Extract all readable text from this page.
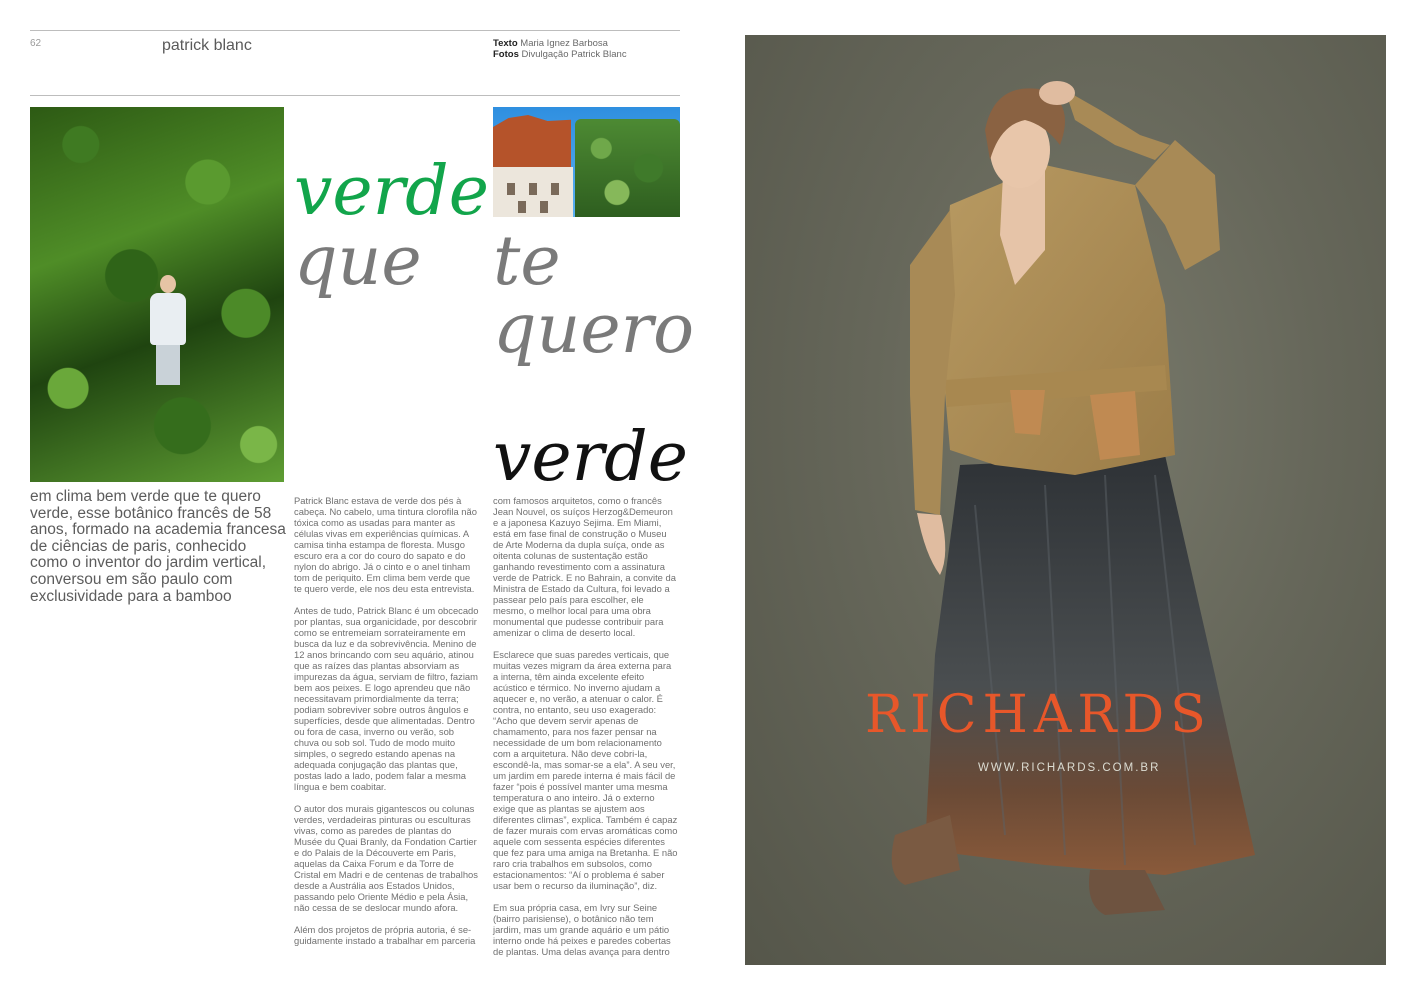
62	patrick blanc	Texto Maria Ignez Barbosa
Fotos Divulgação Patrick Blanc

em clima bem verde que te quero verde, esse botânico francês de 58 anos, formado na academia francesa de ciências de paris, conhecido como o inventor do jardim vertical, conversou em são paulo com exclusividade para a bamboo

verde
que te
quero
verde

Patrick Blanc estava de verde dos pés à cabeça. No cabelo, uma tintura clorofila não tóxica como as usadas para manter as células vivas em experiências químicas. A camisa tinha estampa de floresta. Musgo escuro era a cor do couro do sapato e do nylon do abrigo. Já o cinto e o anel tinham tom de periquito. Em clima bem verde que te quero verde, ele nos deu esta entrevista.

Antes de tudo, Patrick Blanc é um obcecado por plantas, sua organicidade, por descobrir como se entremeiam sorrateiramente em busca da luz e da sobrevivência. Menino de 12 anos brincando com seu aquário, atinou que as raízes das plantas absorviam as impurezas da água, serviam de filtro, faziam bem aos peixes. E logo aprendeu que não necessitavam primordialmente da terra; podiam sobreviver sobre outros ângulos e superfícies, desde que alimentadas. Dentro ou fora de casa, inverno ou verão, sob chuva ou sob sol. Tudo de modo muito simples, o segredo estando apenas na adequada conjugação das plantas que, postas lado a lado, podem falar a mesma língua e bem coabitar.

O autor dos murais gigantescos ou colunas verdes, verdadeiras pinturas ou esculturas vivas, como as paredes de plantas do Musée du Quai Branly, da Fondation Cartier e do Palais de la Découverte em Paris, aquelas da Caixa Forum e da Torre de Cristal em Madri e de centenas de trabalhos desde a Austrália aos Estados Unidos, passando pelo Oriente Médio e pela Ásia, não cessa de se deslocar mundo afora.

Além dos projetos de própria autoria, é se-guidamente instado a trabalhar em parceria

com famosos arquitetos, como o francês Jean Nouvel, os suíços Herzog&Demeuron e a japonesa Kazuyo Sejima. Em Miami, está em fase final de construção o Museu de Arte Moderna da dupla suíça, onde as oitenta colunas de sustentação estão ganhando revestimento com a assinatura verde de Patrick. E no Bahrain, a convite da Ministra de Estado da Cultura, foi levado a passear pelo país para escolher, ele mesmo, o melhor local para uma obra monumental que pudesse contribuir para amenizar o clima de deserto local.

Esclarece que suas paredes verticais, que muitas vezes migram da área externa para a interna, têm ainda excelente efeito acústico e térmico. No inverno ajudam a aquecer e, no verão, a atenuar o calor. É contra, no entanto, seu uso exagerado: “Acho que devem servir apenas de chamamento, para nos fazer pensar na necessidade de um bom relacionamento com a arquitetura. Não deve cobri-la, escondê-la, mas somar-se a ela”. A seu ver, um jardim em parede interna é mais fácil de fazer “pois é possível manter uma mesma temperatura o ano inteiro. Já o externo exige que as plantas se ajustem aos diferentes climas”, explica. Também é capaz de fazer murais com ervas aromáticas como aquele com sessenta espécies diferentes que fez para uma amiga na Bretanha. E não raro cria trabalhos em subsolos, como estacionamentos: “Aí o problema é saber usar bem o recurso da iluminação”, diz.

Em sua própria casa, em Ivry sur Seine (bairro parisiense), o botânico não tem jardim, mas um grande aquário e um pátio interno onde há peixes e paredes cobertas de plantas. Uma delas avança para dentro

RICHARDS
WWW.RICHARDS.COM.BR
